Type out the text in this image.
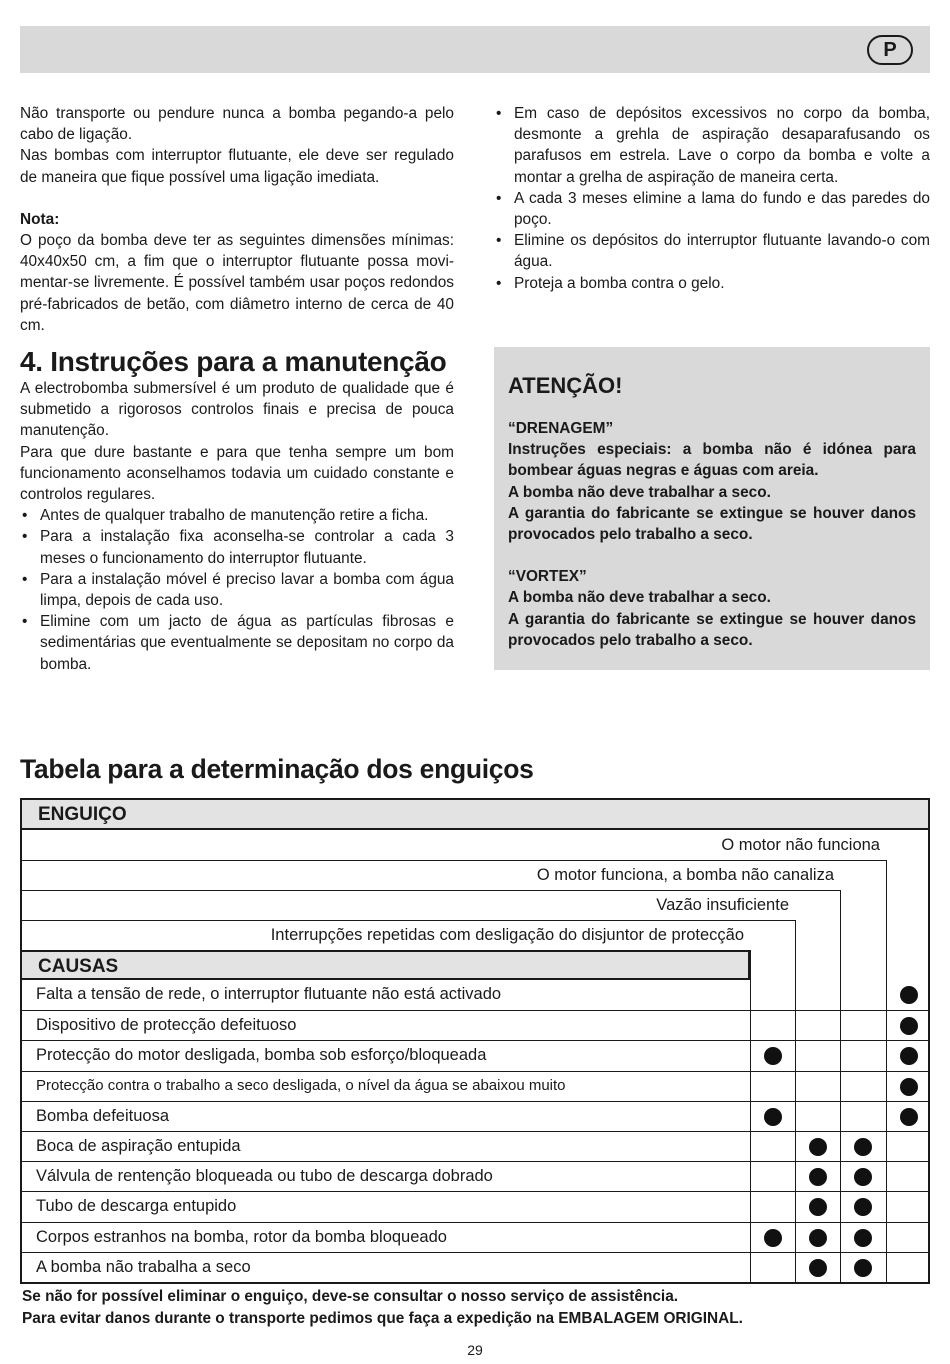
P

Não transporte ou pendure nunca a bomba pegando-a pelo cabo de ligação.

Nas bombas com interruptor flutuante, ele deve ser regulado de maneira que fique possível uma ligação imediata.

Nota:

O poço da bomba deve ter as seguintes dimensões mínimas: 40x40x50 cm, a fim que o interruptor flutuante possa movi-mentar-se livremente. É possível também usar poços redondos pré-fabricados de betão, com diâmetro interno de cerca de 40 cm.

4. Instruções para a manutenção

A electrobomba submersível é um produto de qualidade que é submetido a rigorosos controlos finais e precisa de pouca manutenção.

Para que dure bastante e para que tenha sempre um bom funcionamento aconselhamos todavia um cuidado constante e controlos regulares.

• Antes de qualquer trabalho de manutenção retire a ficha.
• Para a instalação fixa aconselha-se controlar a cada 3 meses o funcionamento do interruptor flutuante.
• Para a instalação móvel é preciso lavar a bomba com água limpa, depois de cada uso.
• Elimine com um jacto de água as partículas fibrosas e sedimentárias que eventualmente se depositam no corpo da bomba.
• Em caso de depósitos excessivos no corpo da bomba, desmonte a grehla de aspiração desaparafusando os parafusos em estrela. Lave o corpo da bomba e volte a montar a grelha de aspiração de maneira certa.
• A cada 3 meses elimine a lama do fundo e das paredes do poço.
• Elimine os depósitos do interruptor flutuante lavando-o com água.
• Proteja a bomba contra o gelo.
ATENÇÃO!

“DRENAGEM”

Instruções especiais: a bomba não é idónea para bombear águas negras e águas com areia.

A bomba não deve trabalhar a seco.

A garantia do fabricante se extingue se houver danos provocados pelo trabalho a seco.

“VORTEX”

A bomba não deve trabalhar a seco.

A garantia do fabricante se extingue se houver danos provocados pelo trabalho a seco.

Tabela para a determinação dos enguiços
ENGUIÇO
CAUSAS
O motor não funciona
O motor funciona, a bomba não canaliza
Vazão insuficiente
Interrupções repetidas com desligação do disjuntor de protecção
Falta a tensão de rede, o interruptor flutuante não está activado
Dispositivo de protecção defeituoso
Protecção do motor desligada, bomba sob esforço/bloqueada
Protecção contra o trabalho a seco desligada, o nível da água se abaixou muito
Bomba defeituosa
Boca de aspiração entupida
Válvula de rentenção bloqueada ou tubo de descarga dobrado
Tubo de descarga entupido
Corpos estranhos na bomba, rotor da bomba bloqueado
A bomba não trabalha a seco

Se não for possível eliminar o enguiço, deve-se consultar o nosso serviço de assistência.
Para evitar danos durante o transporte pedimos que faça a expedição na EMBALAGEM ORIGINAL.

29
